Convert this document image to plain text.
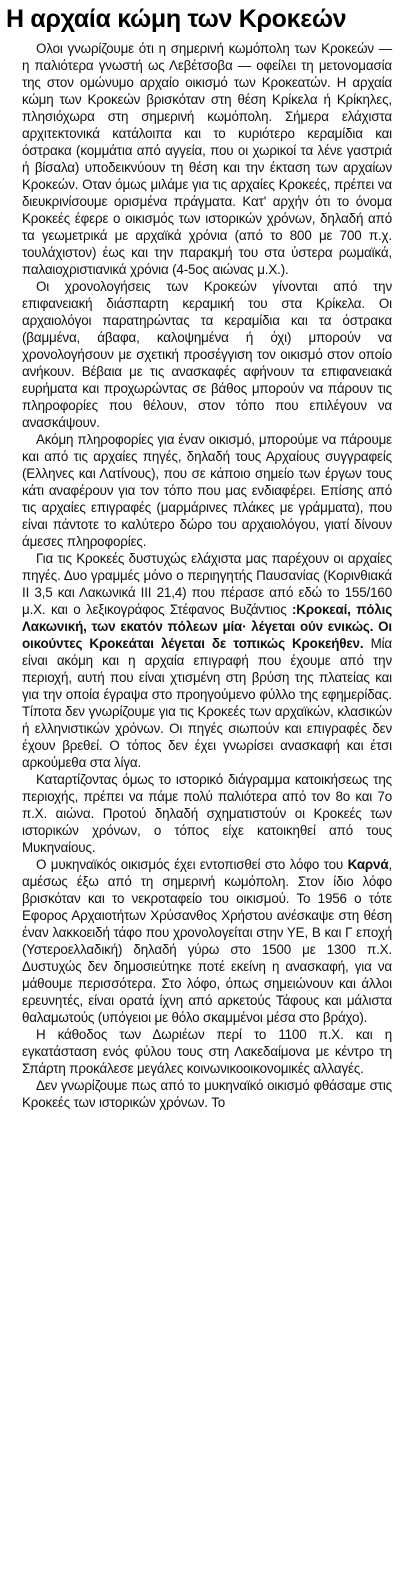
Η αρχαία κώμη των Κροκεών

Ολοι γνωρίζουμε ότι η σημερινή κωμόπολη των Κροκεών — η παλιότερα γνωστή ως Λεβέτσοβα — οφείλει τη μετονομασία της στον ομώνυμο αρχαίο οικισμό των Κροκεατών. Η αρχαία κώμη των Κροκεών βρισκόταν στη θέση Κρίκελα ή Κρίκηλες, πλησιόχωρα στη σημερινή κωμόπολη. Σήμερα ελάχιστα αρχιτεκτονικά κατάλοιπα και το κυριότερο κεραμίδια και όστρακα (κομμάτια από αγγεία, που οι χωρικοί τα λένε γαστριά ή βίσαλα) υποδεικνύουν τη θέση και την έκταση των αρχαίων Κροκεών. Οταν όμως μιλάμε για τις αρχαίες Κροκεές, πρέπει να διευκρινίσουμε ορισμένα πράγματα. Κατ' αρχήν ότι το όνομα Κροκεές έφερε ο οικισμός των ιστορικών χρόνων, δηλαδή από τα γεωμετρικά με αρχαϊκά χρόνια (από το 800 με 700 π.χ. τουλάχιστον) έως και την παρακμή του στα ύστερα ρωμαϊκά, παλαιοχριστιανικά χρόνια (4-5ος αιώνας μ.Χ.).

Οι χρονολογήσεις των Κροκεών γίνονται από την επιφανειακή διάσπαρτη κεραμική του στα Κρίκελα. Οι αρχαιολόγοι παρατηρώντας τα κεραμίδια και τα όστρακα (βαμμένα, άβαφα, καλοψημένα ή όχι) μπορούν να χρονολογήσουν με σχετική προσέγγιση τον οικισμό στον οποίο ανήκουν. Βέβαια με τις ανασκαφές αφήνουν τα επιφανειακά ευρήματα και προχωρώντας σε βάθος μπορούν να πάρουν τις πληροφορίες που θέλουν, στον τόπο που επιλέγουν να ανασκάψουν.

Ακόμη πληροφορίες για έναν οικισμό, μπορούμε να πάρουμε και από τις αρχαίες πηγές, δηλαδή τους Αρχαίους συγγραφείς (Ελληνες και Λατίνους), που σε κάποιο σημείο των έργων τους κάτι αναφέρουν για τον τόπο που μας ενδιαφέρει. Επίσης από τις αρχαίες επιγραφές (μαρμάρινες πλάκες με γράμματα), που είναι πάντοτε το καλύτερο δώρο του αρχαιολόγου, γιατί δίνουν άμεσες πληροφορίες.

Για τις Κροκεές δυστυχώς ελάχιστα μας παρέχουν οι αρχαίες πηγές. Δυο γραμμές μόνο ο περιηγητής Παυσανίας (Κορινθιακά ΙΙ 3,5 και Λακωνικά ΙΙΙ 21,4) που πέρασε από εδώ το 155/160 μ.Χ. και ο λεξικογράφος Στέφανος Βυζάντιος :Κροκεαί, πόλις Λακωνική, των εκατόν πόλεων μία· λέγεται ούν ενικώς. Οι οικούντες Κροκεάται λέγεται δε τοπικώς Κροκεήθεν. Μία είναι ακόμη και η αρχαία επιγραφή που έχουμε από την περιοχή, αυτή που είναι χτισμένη στη βρύση της πλατείας και για την οποία έγραψα στο προηγούμενο φύλλο της εφημερίδας. Τίποτα δεν γνωρίζουμε για τις Κροκεές των αρχαϊκών, κλασικών ή ελληνιστικών χρόνων. Οι πηγές σιωπούν και επιγραφές δεν έχουν βρεθεί. Ο τόπος δεν έχει γνωρίσει ανασκαφή και έτσι αρκούμεθα στα λίγα.

Καταρτίζοντας όμως το ιστορικό διάγραμμα κατοικήσεως της περιοχής, πρέπει να πάμε πολύ παλιότερα από τον 8ο και 7ο π.Χ. αιώνα. Προτού δηλαδή σχηματιστούν οι Κροκεές των ιστορικών χρόνων, ο τόπος είχε κατοικηθεί από τους Μυκηναίους.

Ο μυκηναϊκός οικισμός έχει εντοπισθεί στο λόφο του Καρνά, αμέσως έξω από τη σημερινή κωμόπολη. Στον ίδιο λόφο βρισκόταν και το νεκροταφείο του οικισμού. Το 1956 ο τότε Εφορος Αρχαιοτήτων Χρύσανθος Χρήστου ανέσκαψε στη θέση έναν λακκοειδή τάφο που χρονολογείται στην ΥΕ, Β και Γ εποχή (Υστεροελλαδική) δηλαδή γύρω στο 1500 με 1300 π.Χ. Δυστυχώς δεν δημοσιεύτηκε ποτέ εκείνη η ανασκαφή, για να μάθουμε περισσότερα. Στο λόφο, όπως σημειώνουν και άλλοι ερευνητές, είναι ορατά ίχνη από αρκετούς Τάφους και μάλιστα θαλαμωτούς (υπόγειοι με θόλο σκαμμένοι μέσα στο βράχο).

Η κάθοδος των Δωριέων περί το 1100 π.Χ. και η εγκατάσταση ενός φύλου τους στη Λακεδαίμονα με κέντρο τη Σπάρτη προκάλεσε μεγάλες κοινωνικοοικονομικές αλλαγές.

Δεν γνωρίζουμε πως από το μυκηναϊκό οικισμό φθάσαμε στις Κροκεές των ιστορικών χρόνων. Το
